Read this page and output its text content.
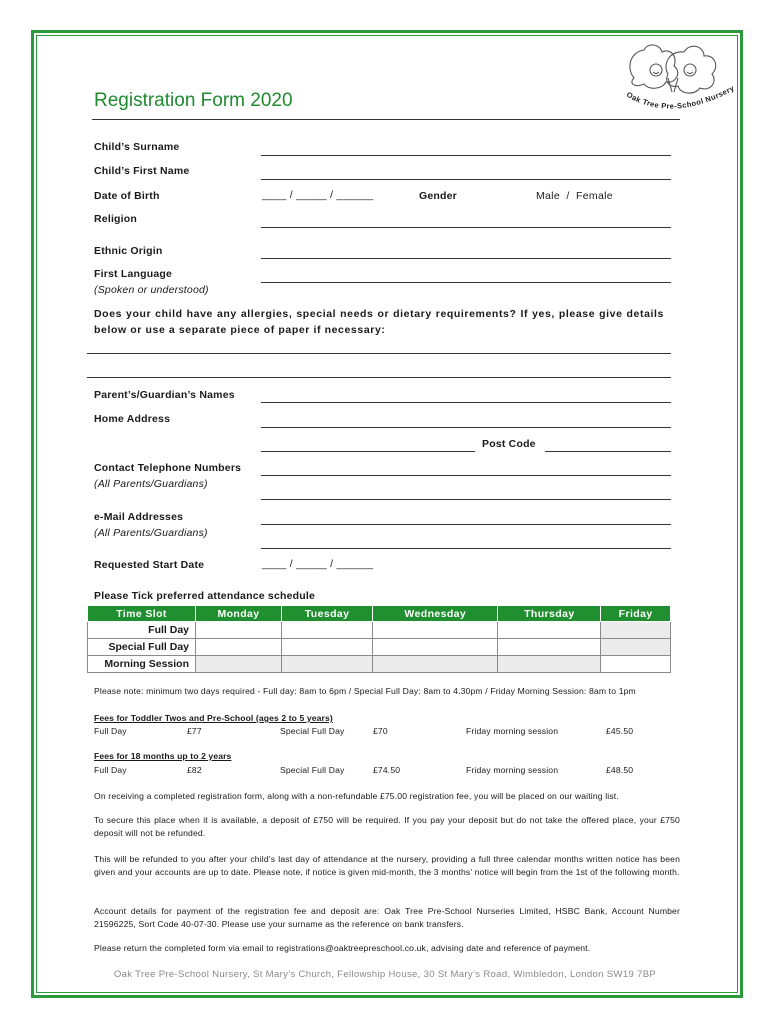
Oak Tree Pre-School Nursery
Registration Form 2020
Child’s Surname
Child’s First Name
Date of Birth	____ / _____ / ______	Gender	Male  /  Female
Religion
Ethnic Origin
First Language
(Spoken or understood)
Does your child have any allergies, special needs or dietary requirements? If yes, please give details below or use a separate piece of paper if necessary:
Parent’s/Guardian’s Names
Home Address
Post Code
Contact Telephone Numbers
(All Parents/Guardians)
e-Mail Addresses
(All Parents/Guardians)
Requested Start Date	____ / _____ / ______
Please Tick preferred attendance schedule
Time Slot	Monday	Tuesday	Wednesday	Thursday	Friday
Full Day					
Special Full Day					
Morning Session					
Please note: minimum two days required - Full day: 8am to 6pm / Special Full Day: 8am to 4.30pm / Friday Morning Session: 8am to 1pm
Fees for Toddler Twos and Pre-School (ages 2 to 5 years)
Full Day	£77	Special Full Day	£70	Friday morning session	£45.50
Fees for 18 months up to 2 years
Full Day	£82	Special Full Day	£74.50	Friday morning session	£48.50
On receiving a completed registration form, along with a non-refundable £75.00 registration fee, you will be placed on our waiting list.
To secure this place when it is available, a deposit of £750 will be required. If you pay your deposit but do not take the offered place, your £750 deposit will not be refunded.
This will be refunded to you after your child’s last day of attendance at the nursery, providing a full three calendar months written notice has been given and your accounts are up to date. Please note, if notice is given mid-month, the 3 months’ notice will begin from the 1st of the following month.
Account details for payment of the registration fee and deposit are: Oak Tree Pre-School Nurseries Limited, HSBC Bank, Account Number 21596225, Sort Code 40-07-30. Please use your surname as the reference on bank transfers.
Please return the completed form via email to registrations@oaktreepreschool.co.uk, advising date and reference of payment.
Oak Tree Pre-School Nursery, St Mary’s Church, Fellowship House, 30 St Mary’s Road, Wimbledon, London SW19 7BP
